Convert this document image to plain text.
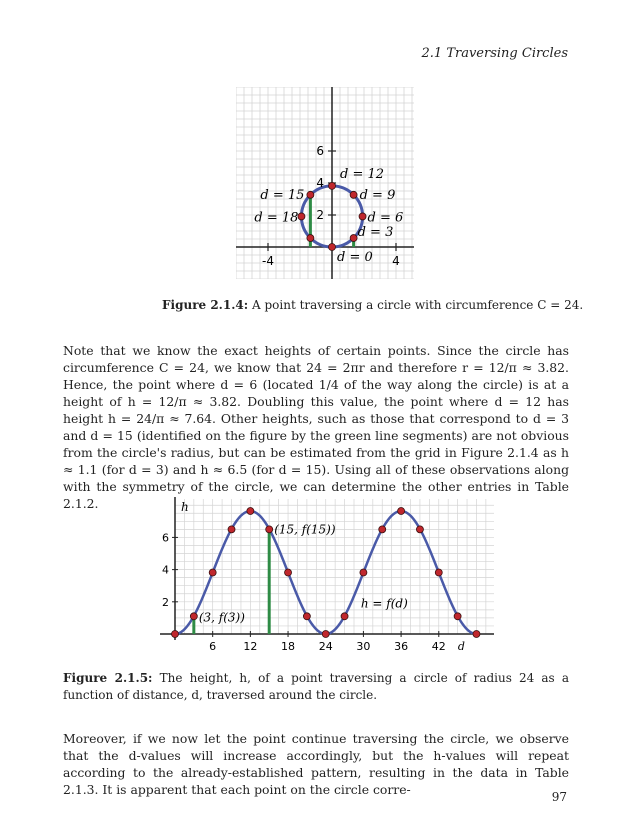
2.1 Traversing Circles
-4	4
2
4
6
d = 12
d = 15	d = 9
d = 18	d = 6
d = 3
d = 0
Figure 2.1.4: A point traversing a circle with circumference C = 24.
Note that we know the exact heights of certain points. Since the circle has circumference C = 24, we know that 24 = 2πr and therefore r = 12/π ≈ 3.82. Hence, the point where d = 6 (located 1/4 of the way along the circle) is at a height of h = 12/π ≈ 3.82. Doubling this value, the point where d = 12 has height h = 24/π ≈ 7.64. Other heights, such as those that correspond to d = 3 and d = 15 (identified on the figure by the green line segments) are not obvious from the circle's radius, but can be estimated from the grid in Figure 2.1.4 as h ≈ 1.1 (for d = 3) and h ≈ 6.5 (for d = 15). Using all of these observations along with the symmetry of the circle, we can determine the other entries in Table 2.1.2.
6 12 18 24 30 36 42 d
2
4
6
h
(15, f(15))
(3, f(3))
h = f(d)
Figure 2.1.5: The height, h, of a point traversing a circle of radius 24 as a function of distance, d, traversed around the circle.
Moreover, if we now let the point continue traversing the circle, we observe that the d-values will increase accordingly, but the h-values will repeat according to the already-established pattern, resulting in the data in Table 2.1.3. It is apparent that each point on the circle corre-	97
